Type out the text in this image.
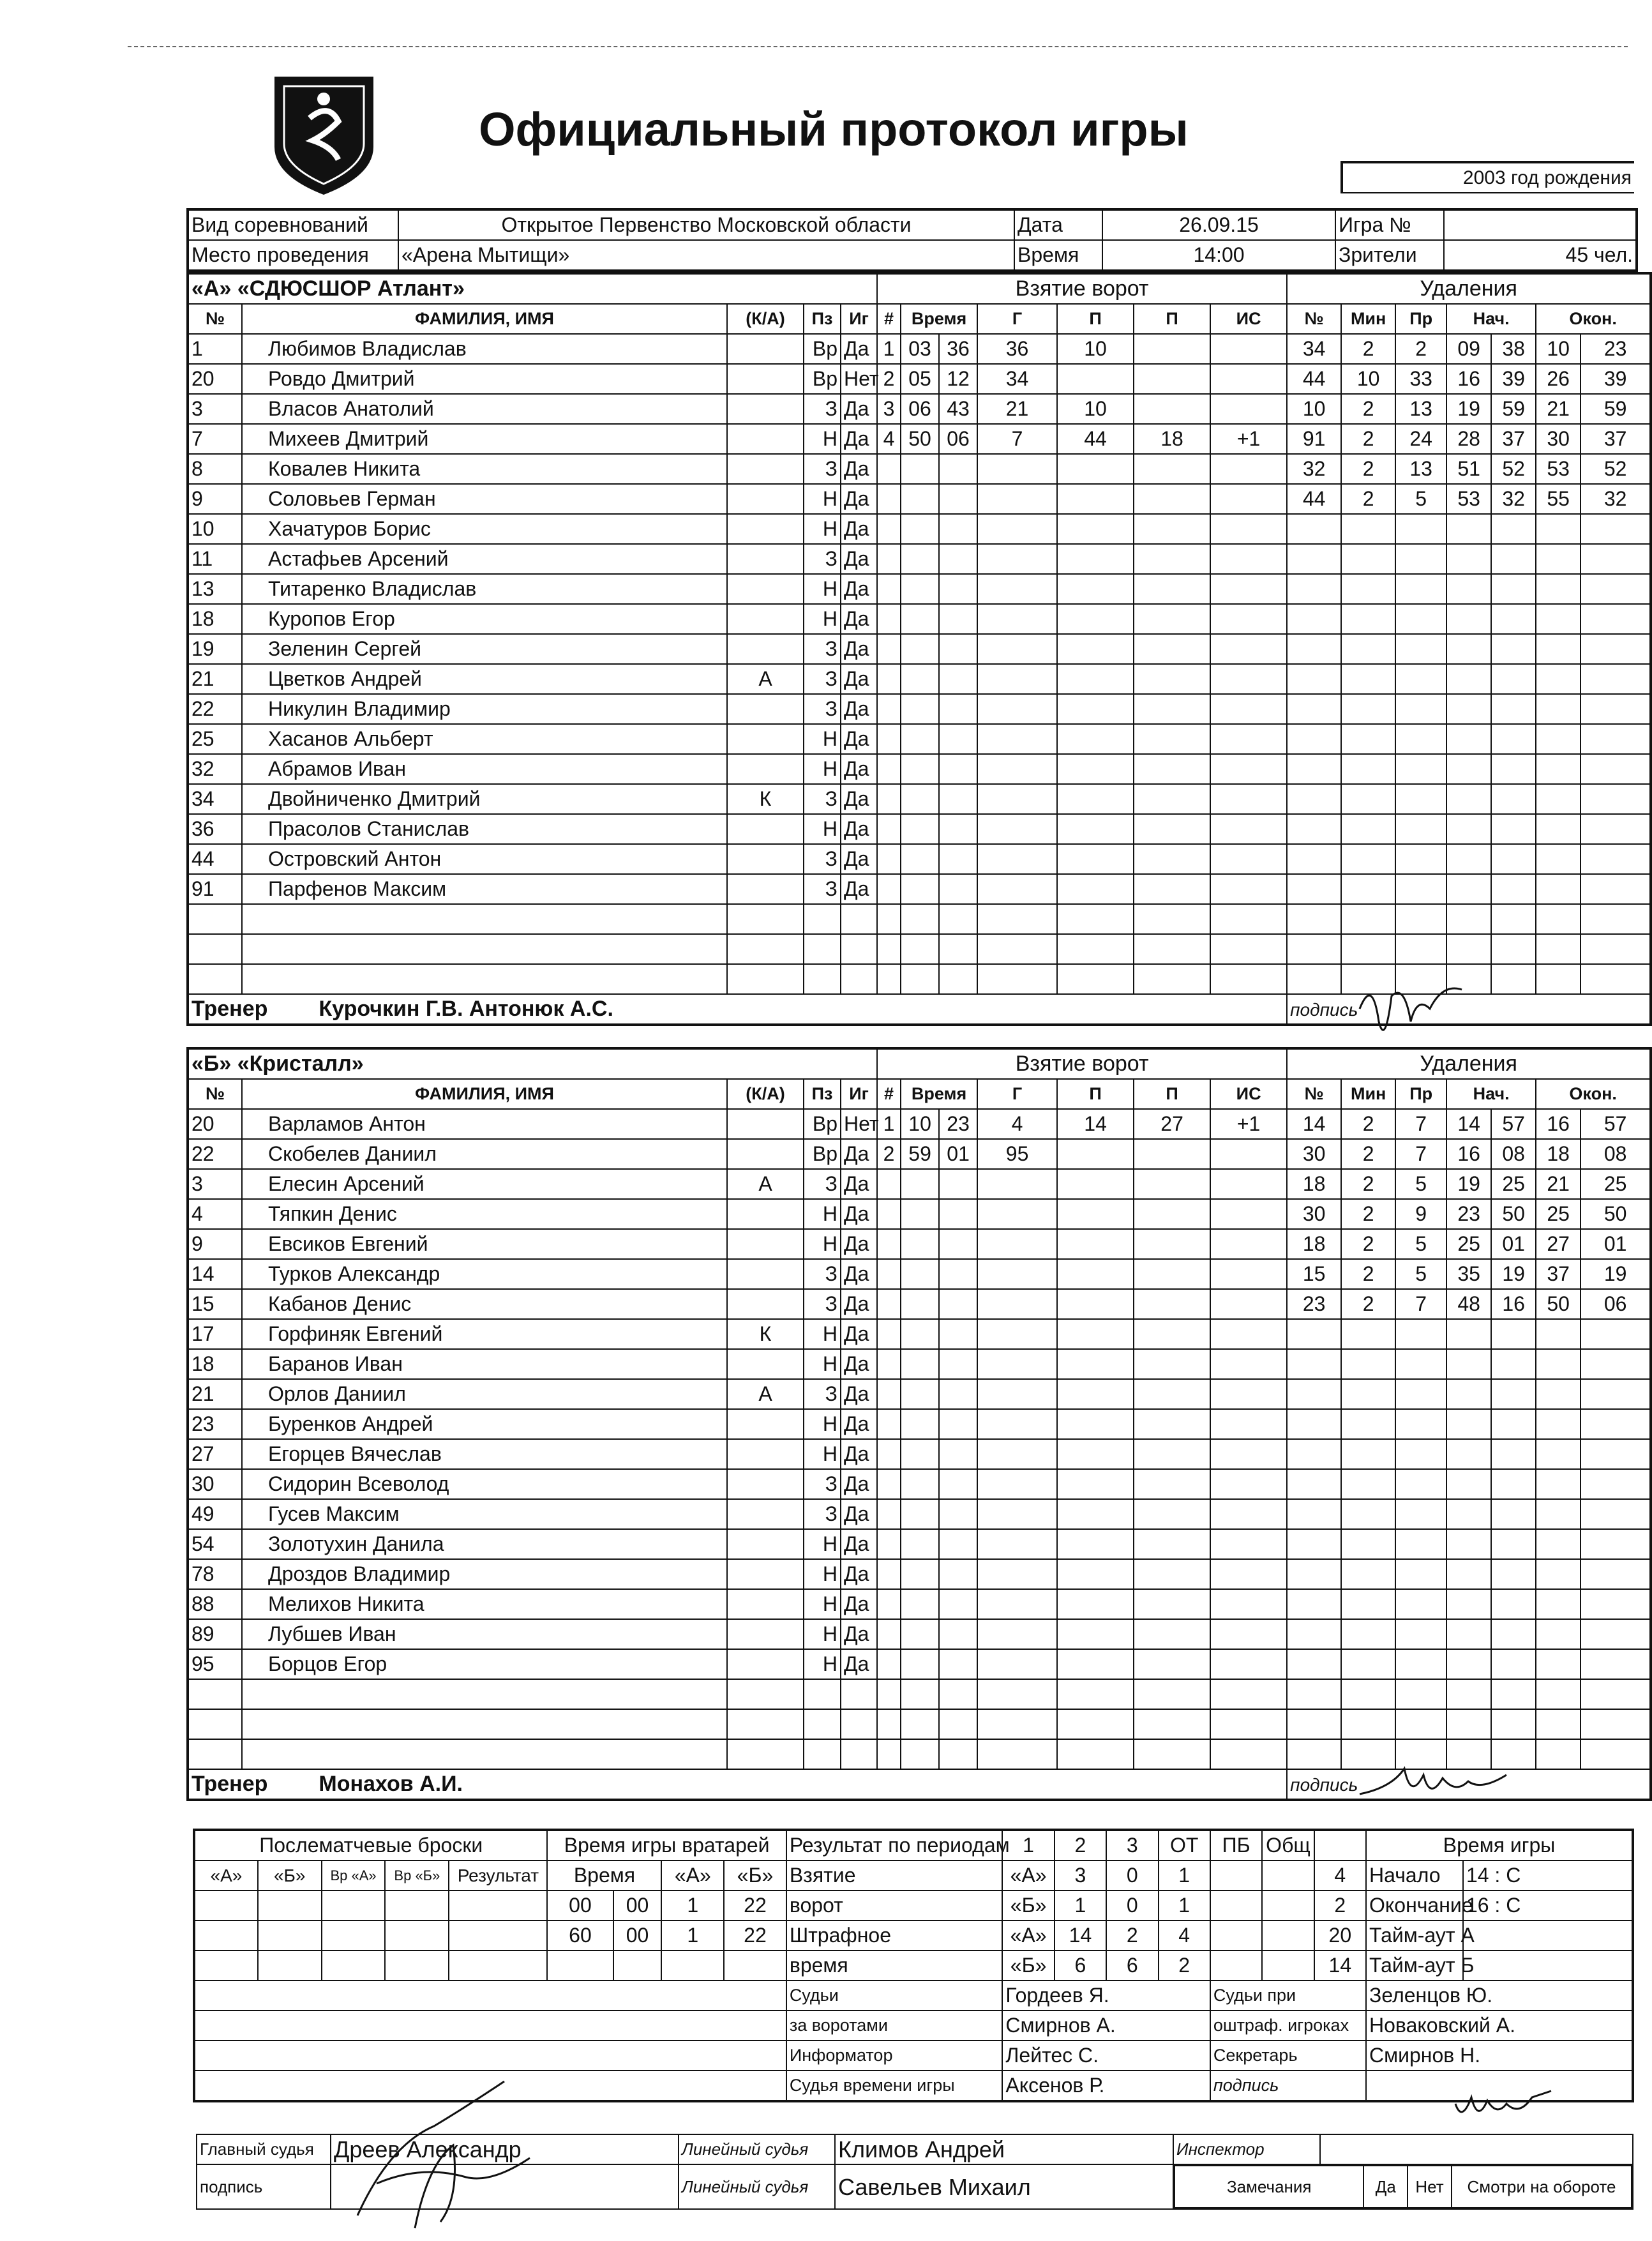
Официальный протокол игры
2003 год рождения
Вид соревнований	Открытое Первенство Московской области	Дата	26.09.15	Игра №	
Место проведения	«Арена Мытищи»	Время	14:00	Зрители	45 чел.
«А» «СДЮСШОР Атлант»					Взятие ворот							Удаления						
№	ФАМИЛИЯ, ИМЯ	(К/А)	Пз	Иг	#	Время		Г	П	П	ИС	№	Мин	Пр	Нач.		Окон.	
1	Любимов Владислав		Вр	Да	1	03	36	36	10			34	2	2	09	38	10	23
20	Ровдо Дмитрий		Вр	Нет	2	05	12	34				44	10	33	16	39	26	39
3	Власов Анатолий		З	Да	3	06	43	21	10			10	2	13	19	59	21	59
7	Михеев Дмитрий		Н	Да	4	50	06	7	44	18	+1	91	2	24	28	37	30	37
8	Ковалев Никита		З	Да								32	2	13	51	52	53	52
9	Соловьев Герман		Н	Да								44	2	5	53	32	55	32
10	Хачатуров Борис		Н	Да														
11	Астафьев Арсений		З	Да														
13	Титаренко Владислав		Н	Да														
18	Куропов Егор		Н	Да														
19	Зеленин Сергей		З	Да														
21	Цветков Андрей	А	З	Да														
22	Никулин Владимир		З	Да														
25	Хасанов Альберт		Н	Да														
32	Абрамов Иван		Н	Да														
34	Двойниченко Дмитрий	К	З	Да														
36	Прасолов Станислав		Н	Да														
44	Островский Антон		З	Да														
91	Парфенов Максим		З	Да														

Тренер Курочкин Г.В. Антонюк А.С.												подпись						
«Б» «Кристалл»					Взятие ворот							Удаления						
№	ФАМИЛИЯ, ИМЯ	(К/А)	Пз	Иг	#	Время		Г	П	П	ИС	№	Мин	Пр	Нач.		Окон.	
20	Варламов Антон		Вр	Нет	1	10	23	4	14	27	+1	14	2	7	14	57	16	57
22	Скобелев Даниил		Вр	Да	2	59	01	95				30	2	7	16	08	18	08
3	Елесин Арсений	А	З	Да								18	2	5	19	25	21	25
4	Тяпкин Денис		Н	Да								30	2	9	23	50	25	50
9	Евсиков Евгений		Н	Да								18	2	5	25	01	27	01
14	Турков Александр		З	Да								15	2	5	35	19	37	19
15	Кабанов Денис		З	Да								23	2	7	48	16	50	06
17	Горфиняк Евгений	К	Н	Да														
18	Баранов Иван		Н	Да														
21	Орлов Даниил	А	З	Да														
23	Буренков Андрей		Н	Да														
27	Егорцев Вячеслав		Н	Да														
30	Сидорин Всеволод		З	Да														
49	Гусев Максим		З	Да														
54	Золотухин Данила		Н	Да														
78	Дроздов Владимир		Н	Да														
88	Мелихов Никита		Н	Да														
89	Лубшев Иван		Н	Да														
95	Борцов Егор		Н	Да														

Тренер Монахов А.И.												подпись						
Послематчевые броски					Время игры вратарей				Результат по периодам	1	2	3	ОТ	ПБ	Общ		Время игры	
«А»	«Б»	Вр «А»	Вр «Б»	Результат	Время		«А»	«Б»	Взятие	«А»	3	0	1			4	Начало	14 : С
					00	00	1	22	ворот	«Б»	1	0	1			2	Окончание	16 : С
					60	00	1	22	Штрафное	«А»	14	2	4			20	Тайм-аут А	
									время	«Б»	6	6	2			14	Тайм-аут Б	
									Судьи	Гордеев Я.				Судьи при			Зеленцов Ю.	
									за воротами	Смирнов А.				оштраф. игроках			Новаковский А.	
									Информатор	Лейтес С.				Секретарь			Смирнов Н.	
									Судья времени игры	Аксенов Р.				подпись				
Главный судья	Дреев Александр	Линейный судья	Климов Андрей	Инспектор	
подпись		Линейный судья	Савельев Михаил		Замечания	Да	Нет	Смотри на обороте
